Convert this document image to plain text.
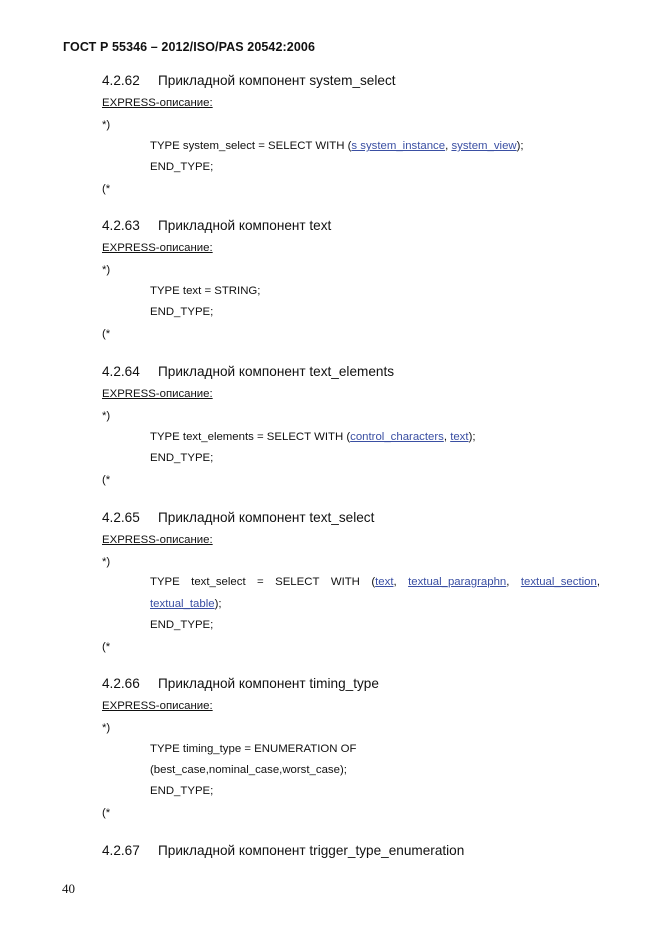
ГОСТ Р 55346 – 2012/ISO/PAS 20542:2006
4.2.62 Прикладной компонент system_select
EXPRESS-описание:
*)
TYPE system_select = SELECT WITH (s system_instance, system_view);
END_TYPE;
(*
4.2.63 Прикладной компонент text
EXPRESS-описание:
*)
TYPE text = STRING;
END_TYPE;
(*
4.2.64 Прикладной компонент text_elements
EXPRESS-описание:
*)
TYPE text_elements = SELECT WITH (control_characters, text);
END_TYPE;
(*
4.2.65 Прикладной компонент text_select
EXPRESS-описание:
*)
TYPE text_select = SELECT WITH (text, textual_paragraphn, textual_section,
textual_table);
END_TYPE;
(*
4.2.66 Прикладной компонент timing_type
EXPRESS-описание:
*)
TYPE timing_type = ENUMERATION OF
(best_case,nominal_case,worst_case);
END_TYPE;
(*
4.2.67 Прикладной компонент trigger_type_enumeration
40
